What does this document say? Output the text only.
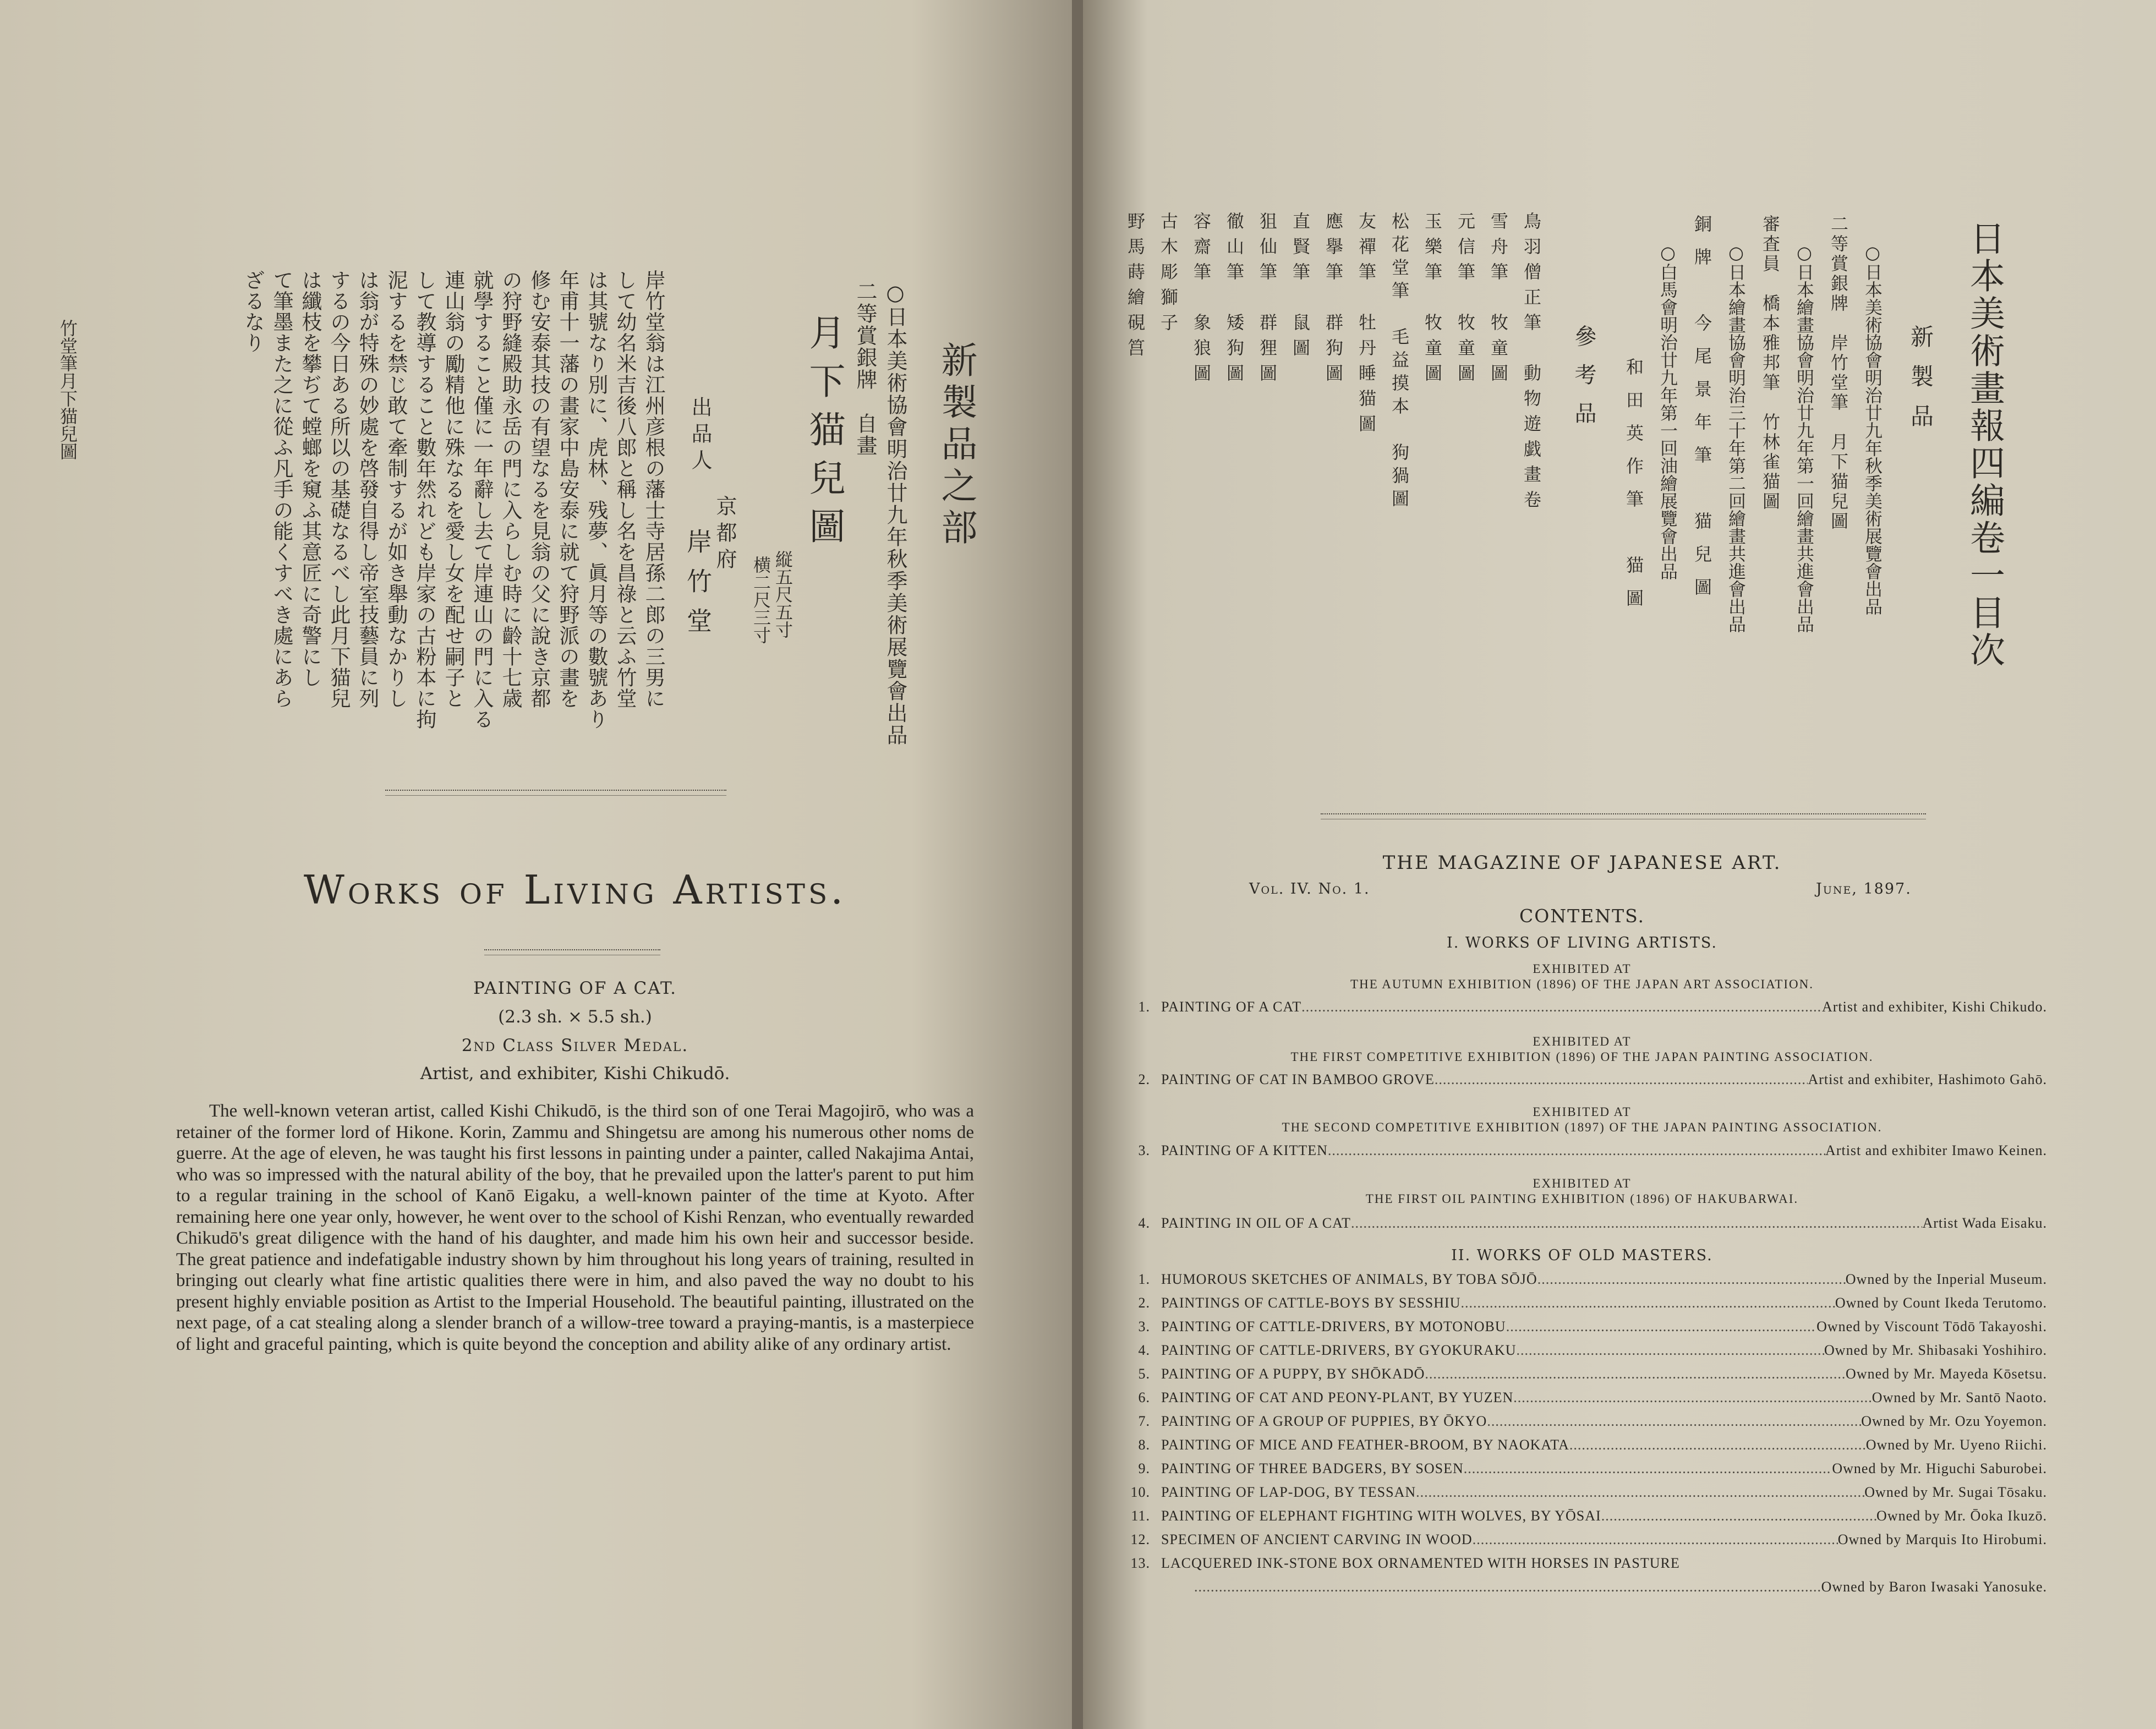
新製品之部
○日本美術協會明治廿九年秋季美術展覽會出品
二等賞銀牌　自畫
月下猫兒圖
縦五尺五寸
横二尺三寸
京都府
出品人
岸竹堂
岸竹堂翁は江州彦根の藩士寺居孫二郎の三男に
して幼名米吉後八郎と稱し名を昌祿と云ふ竹堂
は其號なり別に、虎林、残夢、眞月等の數號あり
年甫十一藩の畫家中島安泰に就て狩野派の畫を
修む安泰其技の有望なるを見翁の父に說き京都
の狩野縫殿助永岳の門に入らしむ時に齡十七歳
就學すること僅に一年辭し去て岸連山の門に入る
連山翁の勵精他に殊なるを愛し女を配せ嗣子と
して教導すること數年然れども岸家の古粉本に拘
泥するを禁じ敢て牽制するが如き舉動なかりし
は翁が特殊の妙處を啓發自得し帝室技藝員に列
するの今日ある所以の基礎なるべし此月下猫兒
は纖枝を攀ぢて螳螂を窺ふ其意匠に奇警にし
て筆墨また之に從ふ凡手の能くすべき處にあら
ざるなり
竹堂筆月下猫兒圖
Works of Living Artists.
PAINTING OF A CAT.
(2.3 sh. × 5.5 sh.)
2nd Class Silver Medal.
Artist, and exhibiter, Kishi Chikudō.
The well-known veteran artist, called Kishi Chikudō, is the third son of one Terai Magojirō, who was a retainer of the former lord of Hikone. Korin, Zammu and Shingetsu are among his numerous other noms de guerre. At the age of eleven, he was taught his first lessons in painting under a painter, called Nakajima Antai, who was so impressed with the natural ability of the boy, that he prevailed upon the latter's parent to put him to a regular training in the school of Kanō Eigaku, a well-known painter of the time at Kyoto. After remaining here one year only, however, he went over to the school of Kishi Renzan, who eventually rewarded Chikudō's great diligence with the hand of his daughter, and made him his own heir and successor beside. The great patience and indefatigable industry shown by him throughout his long years of training, resulted in bringing out clearly what fine artistic qualities there were in him, and also paved the way no doubt to his present highly enviable position as Artist to the Imperial Household. The beautiful painting, illustrated on the next page, of a cat stealing along a slender branch of a willow-tree toward a praying-mantis, is a masterpiece of light and graceful painting, which is quite beyond the conception and ability alike of any ordinary artist.
日本美術畫報四編卷一目次
新製品
○日本美術協會明治廿九年秋季美術展覽會出品
二等賞銀牌　岸竹堂筆　月下猫兒圖
○日本繪畫協會明治廿九年第一回繪畫共進會出品
審査員　橋本雅邦筆　竹林雀猫圖
○日本繪畫協會明治三十年第二回繪畫共進會出品
銅牌　今尾景年筆　猫兒圖
○白馬會明治廿九年第一回油繪展覽會出品
和田英作筆　猫圖
參考品
鳥羽僧正筆　動物遊戯畫卷
雪舟筆　牧童圖
元信筆　牧童圖
玉樂筆　牧童圖
松花堂筆　毛益摸本　狗猧圖
友禪筆　牡丹睡猫圖
應擧筆　群狗圖
直賢筆　鼠圖
狙仙筆　群狸圖
徹山筆　矮狗圖
容齋筆　象狼圖
古木彫獅子
野馬蒔繪硯筥
THE MAGAZINE OF JAPANESE ART.
Vol. IV. No. 1.	June, 1897.
CONTENTS.
I. WORKS OF LIVING ARTISTS.
EXHIBITED AT
THE AUTUMN EXHIBITION (1896) OF THE JAPAN ART ASSOCIATION.
1. PAINTING OF A CAT .....	Artist and exhibiter, Kishi Chikudo.
EXHIBITED AT
THE FIRST COMPETITIVE EXHIBITION (1896) OF THE JAPAN PAINTING ASSOCIATION.
2. PAINTING OF CAT IN BAMBOO GROVE .....	Artist and exhibiter, Hashimoto Gahō.
EXHIBITED AT
THE SECOND COMPETITIVE EXHIBITION (1897) OF THE JAPAN PAINTING ASSOCIATION.
3. PAINTING OF A KITTEN .....	Artist and exhibiter Imawo Keinen.
EXHIBITED AT
THE FIRST OIL PAINTING EXHIBITION (1896) OF HAKUBARWAI.
4. PAINTING IN OIL OF A CAT .....	Artist Wada Eisaku.
II. WORKS OF OLD MASTERS.
1. HUMOROUS SKETCHES OF ANIMALS, BY TOBA SŌJŌ .....	Owned by the Inperial Museum.
2. PAINTINGS OF CATTLE-BOYS BY SESSHIU .....	Owned by Count Ikeda Terutomo.
3. PAINTING OF CATTLE-DRIVERS, BY MOTONOBU .....	Owned by Viscount Tōdō Takayoshi.
4. PAINTING OF CATTLE-DRIVERS, BY GYOKURAKU .....	Owned by Mr. Shibasaki Yoshihiro.
5. PAINTING OF A PUPPY, BY SHŌKADŌ .....	Owned by Mr. Mayeda Kōsetsu.
6. PAINTING OF CAT AND PEONY-PLANT, BY YUZEN .....	Owned by Mr. Santō Naoto.
7. PAINTING OF A GROUP OF PUPPIES, BY ŌKYO .....	Owned by Mr. Ozu Yoyemon.
8. PAINTING OF MICE AND FEATHER-BROOM, BY NAOKATA .....	Owned by Mr. Uyeno Riichi.
9. PAINTING OF THREE BADGERS, BY SOSEN .....	Owned by Mr. Higuchi Saburobei.
10. PAINTING OF LAP-DOG, BY TESSAN .....	Owned by Mr. Sugai Tōsaku.
11. PAINTING OF ELEPHANT FIGHTING WITH WOLVES, BY YŌSAI .....	Owned by Mr. Ōoka Ikuzō.
12. SPECIMEN OF ANCIENT CARVING IN WOOD .....	Owned by Marquis Ito Hirobumi.
13. LACQUERED INK-STONE BOX ORNAMENTED WITH HORSES IN PASTURE
.....
Owned by Baron Iwasaki Yanosuke.
